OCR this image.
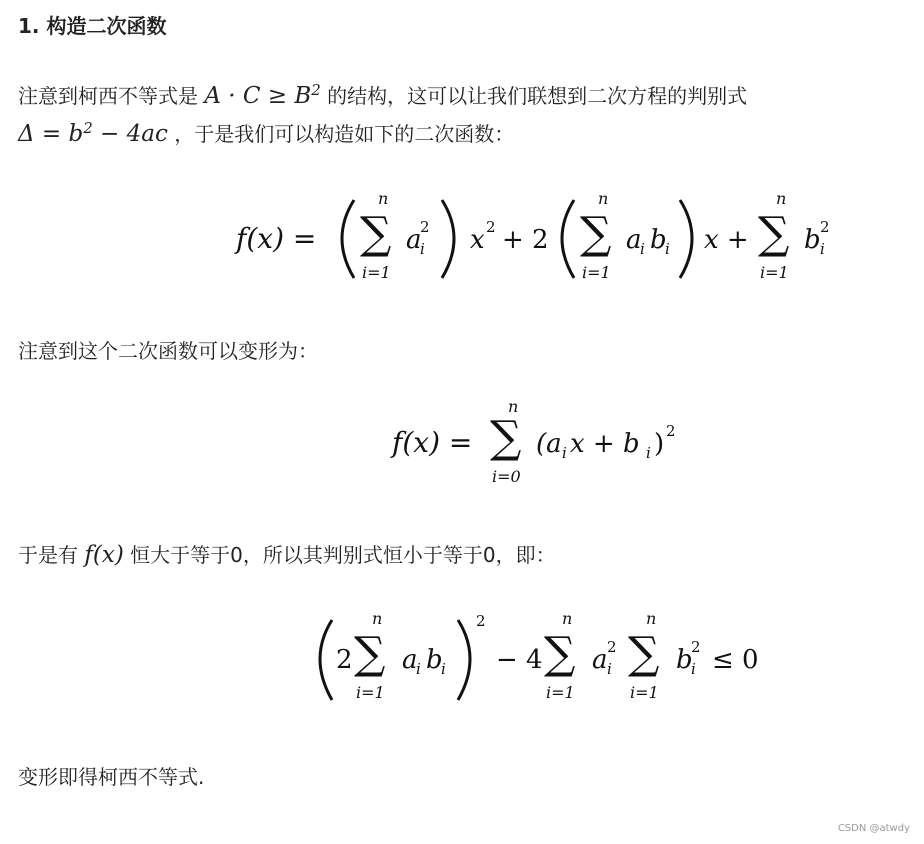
1. 构造二次函数
注意到柯西不等式是 $A \cdot C \ge B^2$ 的结构，这可以让我们联想到二次方程的判别式
$\Delta = b^2 - 4ac$ ，于是我们可以构造如下的二次函数：
f(x) =
n
∑
i=1
a
i
2 x 2 + 2
n
∑
i=1
a
i b
i x +
n
∑
i=1
b i
2
注意到这个二次函数可以变形为：
f(x) =
n
∑
i=0
(a i x + b i ) 2
于是有 f(x) 恒大于等于0，所以其判别式恒小于等于0，即：
2
n
∑
i=1
a
i b
i
2
− 4
n
∑
i=1
a i
2
n
∑
i=1
b
i
2 ≤ 0
变形即得柯西不等式.
CSDN @atwdy
